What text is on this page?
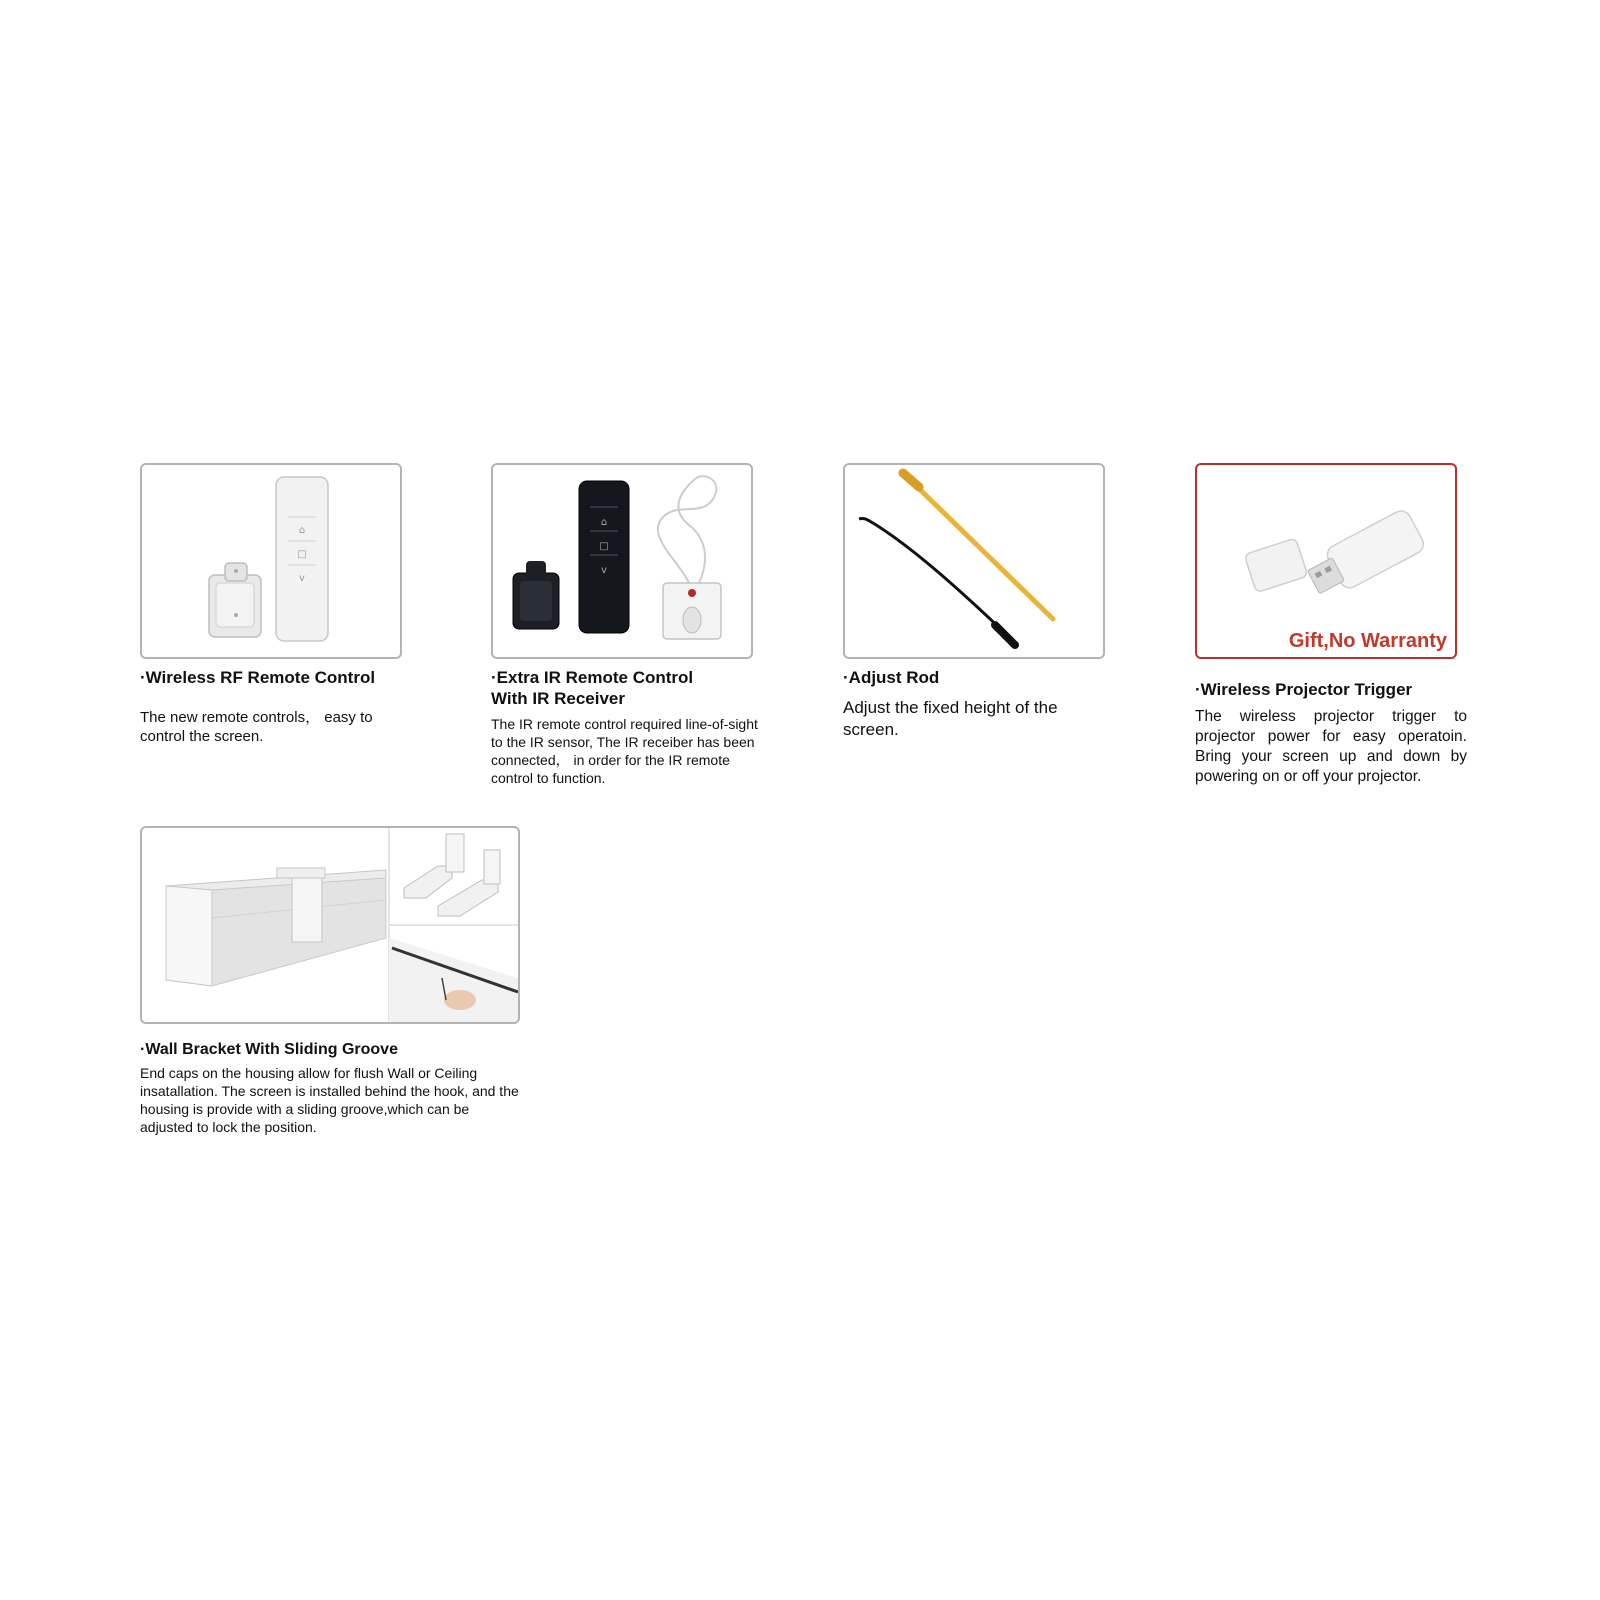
⌂
□
v
·Wireless RF Remote Control
The new remote controls， easy to control the screen.
⌂
□
v
·Extra IR Remote Control
With IR Receiver
The IR remote control required line-of-sight to the IR sensor, The IR receiber has been connected， in order for the IR remote control to function.
·Adjust Rod
Adjust the fixed height of the screen.
Gift,No Warranty
·Wireless Projector Trigger
The wireless projector trigger to projector power for easy operatoin. Bring your screen up and down by powering on or off your projector.
·Wall Bracket With Sliding Groove
End caps on the housing allow for flush Wall or Ceiling insatallation. The screen is installed behind the hook, and the housing is provide with a sliding groove,which can be adjusted to lock the position.
